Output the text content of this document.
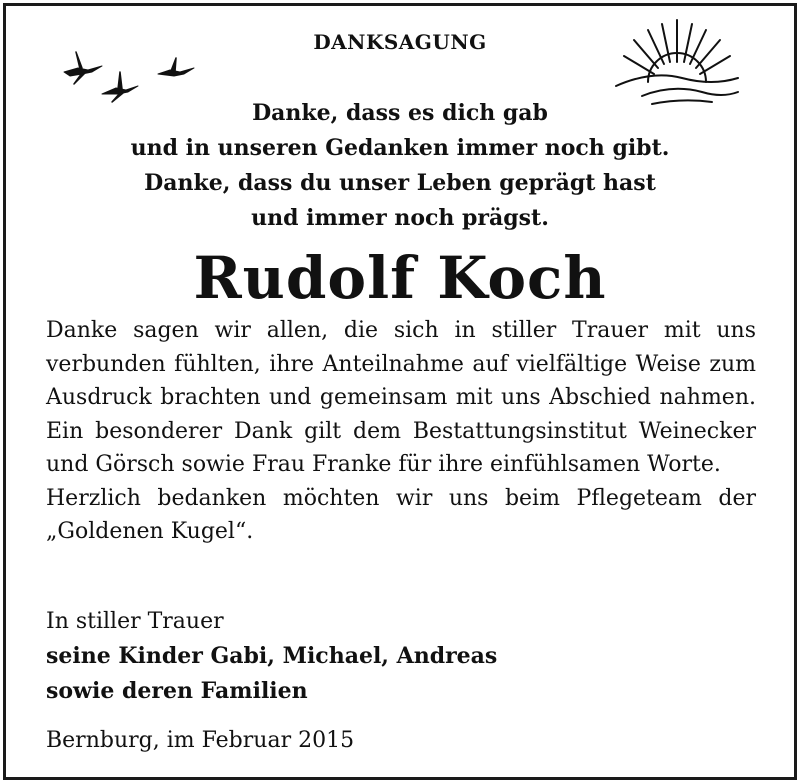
DANKSAGUNG
Danke, dass es dich gab
und in unseren Gedanken immer noch gibt.
Danke, dass du unser Leben geprägt hast
und immer noch prägst.
Rudolf Koch

Danke sagen wir allen, die sich in stiller Trauer mit uns verbunden fühlten, ihre Anteilnahme auf vielfältige Weise zum Ausdruck brachten und gemeinsam mit uns Abschied nahmen. Ein besonderer Dank gilt dem Bestattungsinstitut Weinecker und Görsch sowie Frau Franke für ihre einfühlsamen Worte.

Herzlich bedanken möchten wir uns beim Pflegeteam der „Goldenen Kugel“.

In stiller Trauer
seine Kinder Gabi, Michael, Andreas
sowie deren Familien
Bernburg, im Februar 2015
